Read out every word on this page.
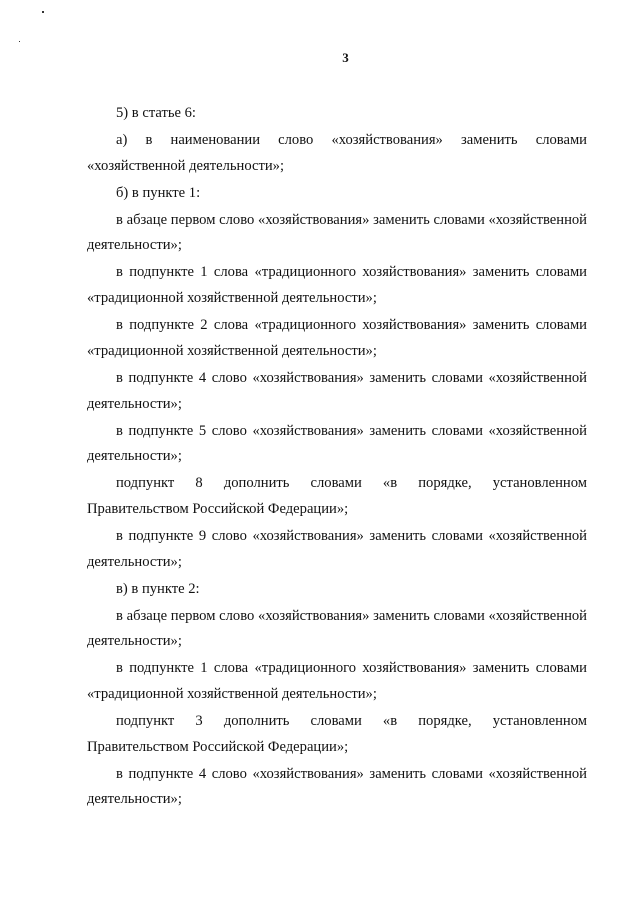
3

5) в статье 6:

а) в наименовании слово «хозяйствования» заменить словами «хозяйственной деятельности»;

б) в пункте 1:

в абзаце первом слово «хозяйствования» заменить словами «хозяйственной деятельности»;

в подпункте 1 слова «традиционного хозяйствования» заменить словами «традиционной хозяйственной деятельности»;

в подпункте 2 слова «традиционного хозяйствования» заменить словами «традиционной хозяйственной деятельности»;

в подпункте 4 слово «хозяйствования» заменить словами «хозяйственной деятельности»;

в подпункте 5 слово «хозяйствования» заменить словами «хозяйственной деятельности»;

подпункт 8 дополнить словами «в порядке, установленном Правительством Российской Федерации»;

в подпункте 9 слово «хозяйствования» заменить словами «хозяйственной деятельности»;

в) в пункте 2:

в абзаце первом слово «хозяйствования» заменить словами «хозяйственной деятельности»;

в подпункте 1 слова «традиционного хозяйствования» заменить словами «традиционной хозяйственной деятельности»;

подпункт 3 дополнить словами «в порядке, установленном Правительством Российской Федерации»;

в подпункте 4 слово «хозяйствования» заменить словами «хозяйственной деятельности»;
